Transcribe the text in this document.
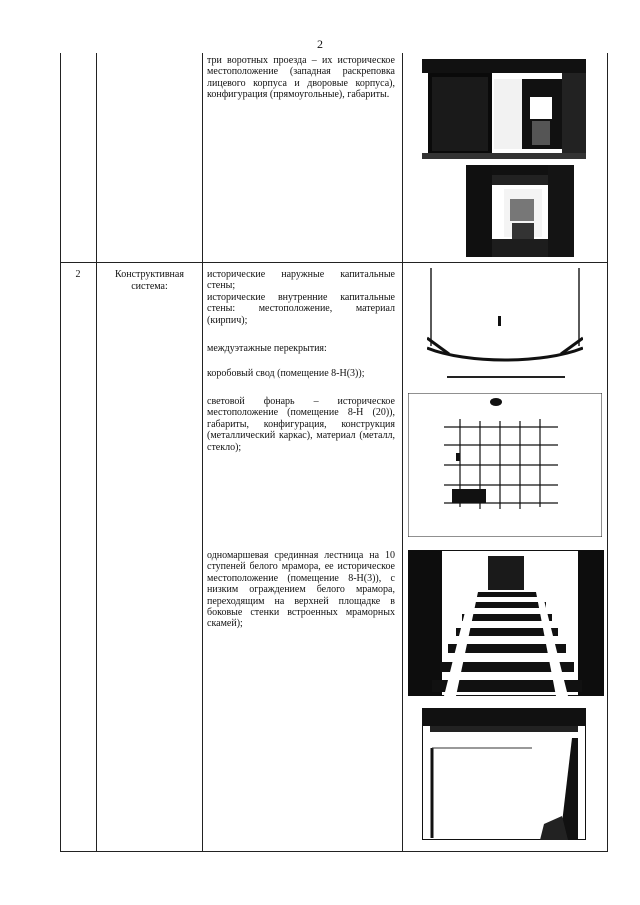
2
три воротных проезда – их историческое местоположение (западная раскреповка лицевого корпуса и дворовые корпуса), конфигурация (прямоугольные), габариты.
2	Конструктивная система:
исторические наружные капитальные стены;
исторические внутренние капитальные стены: местоположение, материал (кирпич);
междуэтажные перекрытия:
коробовый свод (помещение 8-Н(3));
световой фонарь – историческое местоположение (помещение 8-Н (20)), габариты, конфигурация, конструкция (металлический каркас), материал (металл, стекло);
одномаршевая срединная лестница на 10 ступеней белого мрамора, ее историческое местоположение (помещение 8-Н(3)), с низким ограждением белого мрамора, переходящим на верхней площадке в боковые стенки встроенных мраморных скамей);
